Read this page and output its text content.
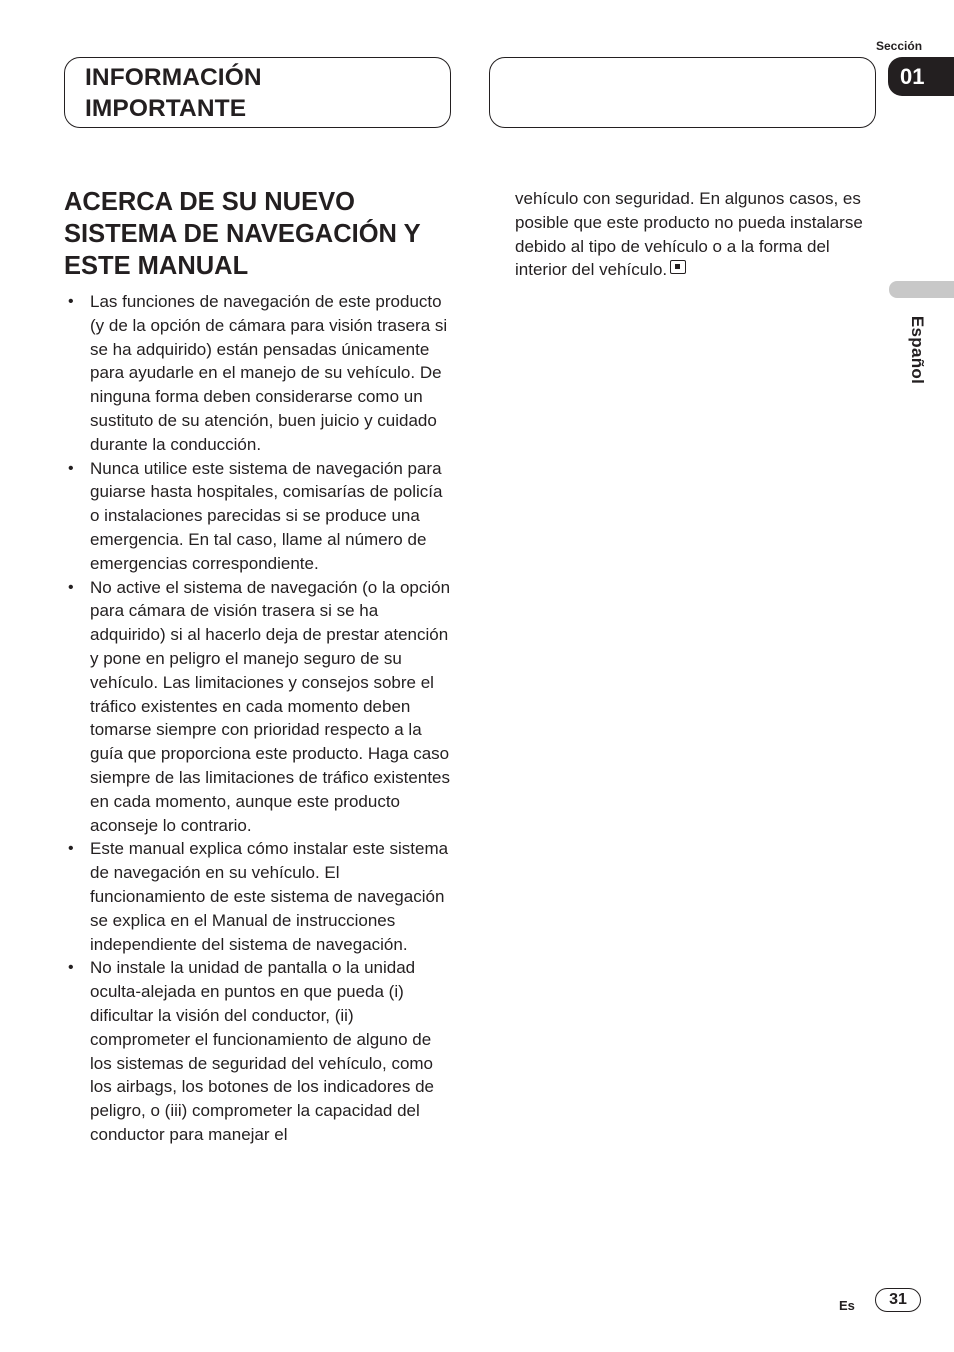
INFORMACIÓN
IMPORTANTE
Sección
01
Español
ACERCA DE SU NUEVO
SISTEMA DE NAVEGACIÓN Y
ESTE MANUAL
• Las funciones de navegación de este producto (y de la opción de cámara para visión trasera si se ha adquirido) están pensadas únicamente para ayudarle en el manejo de su vehículo. De ninguna forma deben considerarse como un sustituto de su atención, buen juicio y cuidado durante la conducción.
• Nunca utilice este sistema de navegación para guiarse hasta hospitales, comisarías de policía o instalaciones parecidas si se produce una emergencia. En tal caso, llame al número de emergencias correspondiente.
• No active el sistema de navegación (o la opción para cámara de visión trasera si se ha adquirido) si al hacerlo deja de prestar atención y pone en peligro el manejo seguro de su vehículo. Las limitaciones y consejos sobre el tráfico existentes en cada momento deben tomarse siempre con prioridad respecto a la guía que proporciona este producto. Haga caso siempre de las limitaciones de tráfico existentes en cada momento, aunque este producto aconseje lo contrario.
• Este manual explica cómo instalar este sistema de navegación en su vehículo. El funcionamiento de este sistema de navegación se explica en el Manual de instrucciones independiente del sistema de navegación.
• No instale la unidad de pantalla o la unidad oculta-alejada en puntos en que pueda (i) dificultar la visión del conductor, (ii) comprometer el funcionamiento de alguno de los sistemas de seguridad del vehículo, como los airbags, los botones de los indicadores de peligro, o (iii) comprometer la capacidad del conductor para manejar el

vehículo con seguridad. En algunos casos, es posible que este producto no pueda instalarse debido al tipo de vehículo o a la forma del interior del vehículo.

Es	31
